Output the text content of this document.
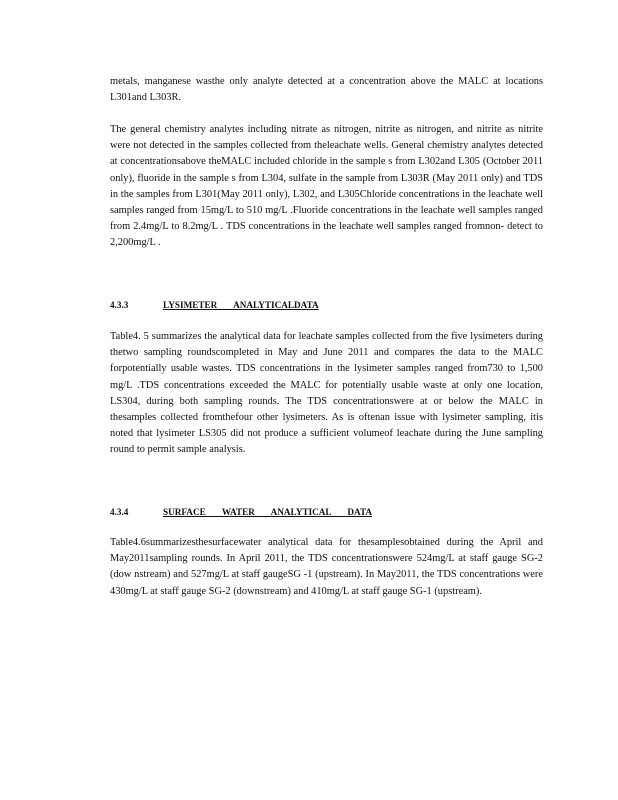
metals, manganese wasthe only analyte detected at a concentration above the MALC at locations L301and L303R.

The general chemistry analytes including nitrate as nitrogen, nitrite as nitrogen, and nitrite as nitrite were not detected in the samples collected from theleachate wells. General chemistry analytes detected at concentrationsabove theMALC included chloride in the sample s from L302and L305 (October 2011 only), fluoride in the sample s from L304, sulfate in the sample from L303R (May 2011 only) and TDS in the samples from L301(May 2011 only), L302, and L305Chloride concentrations in the leachate well samples ranged from 15mg/L to 510 mg/L .Fluoride concentrations in the leachate well samples ranged from 2.4mg/L to 8.2mg/L . TDS concentrations in the leachate well samples ranged fromnon- detect to 2,200mg/L .

4.3.3	LYSIMETER ANALYTICALDATA

Table4. 5 summarizes the analytical data for leachate samples collected from the five lysimeters during thetwo sampling roundscompleted in May and June 2011 and compares the data to the MALC forpotentially usable wastes. TDS concentrations in the lysimeter samples ranged from730 to 1,500 mg/L .TDS concentrations exceeded the MALC for potentially usable waste at only one location, LS304, during both sampling rounds. The TDS concentrationswere at or below the MALC in thesamples collected fromthefour other lysimeters. As is oftenan issue with lysimeter sampling, itis noted that lysimeter LS305 did not produce a sufficient volumeof leachate during the June sampling round to permit sample analysis.

4.3.4	SURFACE WATER ANALYTICAL DATA

Table4.6summarizesthesurfacewater analytical data for thesamplesobtained during the April and May2011sampling rounds. In April 2011, the TDS concentrationswere 524mg/L at staff gauge SG-2 (dow nstream) and 527mg/L at staff gaugeSG -1 (upstream). In May2011, the TDS concentrations were 430mg/L at staff gauge SG-2 (downstream) and 410mg/L at staff gauge SG-1 (upstream).
